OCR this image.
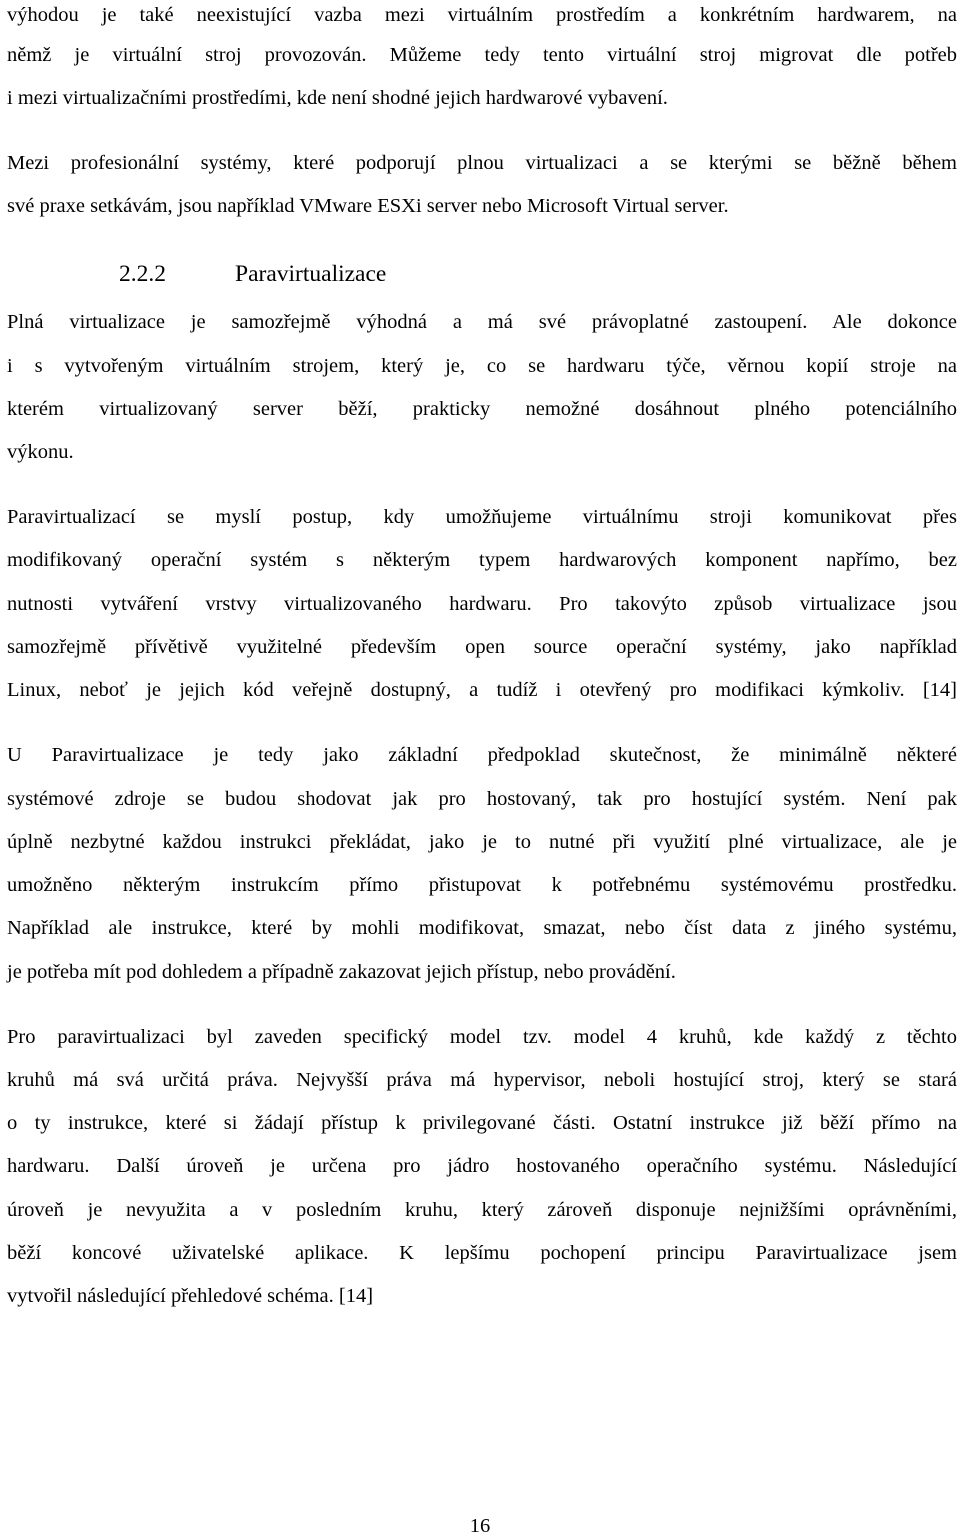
výhodou je také neexistující vazba mezi virtuálním prostředím a konkrétním hardwarem, na
němž je virtuální stroj provozován. Můžeme tedy tento virtuální stroj migrovat dle potřeb
i mezi virtualizačními prostředími, kde není shodné jejich hardwarové vybavení.
Mezi profesionální systémy, které podporují plnou virtualizaci a se kterými se běžně během
své praxe setkávám, jsou například VMware ESXi server nebo Microsoft Virtual server.
2.2.2	Paravirtualizace
Plná virtualizace je samozřejmě výhodná a má své právoplatné zastoupení. Ale dokonce
i s vytvořeným virtuálním strojem, který je, co se hardwaru týče, věrnou kopií stroje na
kterém virtualizovaný server běží, prakticky nemožné dosáhnout plného potenciálního
výkonu.
Paravirtualizací se myslí postup, kdy umožňujeme virtuálnímu stroji komunikovat přes
modifikovaný operační systém s některým typem hardwarových komponent napřímo, bez
nutnosti vytváření vrstvy virtualizovaného hardwaru. Pro takovýto způsob virtualizace jsou
samozřejmě přívětivě využitelné především open source operační systémy, jako například
Linux, neboť je jejich kód veřejně dostupný, a tudíž i otevřený pro modifikaci kýmkoliv. [14]
U Paravirtualizace je tedy jako základní předpoklad skutečnost, že minimálně některé
systémové zdroje se budou shodovat jak pro hostovaný, tak pro hostující systém. Není pak
úplně nezbytné každou instrukci překládat, jako je to nutné při využití plné virtualizace, ale je
umožněno některým instrukcím přímo přistupovat k potřebnému systémovému prostředku.
Například ale instrukce, které by mohli modifikovat, smazat, nebo číst data z jiného systému,
je potřeba mít pod dohledem a případně zakazovat jejich přístup, nebo provádění.
Pro paravirtualizaci byl zaveden specifický model tzv. model 4 kruhů, kde každý z těchto
kruhů má svá určitá práva. Nejvyšší práva má hypervisor, neboli hostující stroj, který se stará
o ty instrukce, které si žádají přístup k privilegované části. Ostatní instrukce již běží přímo na
hardwaru. Další úroveň je určena pro jádro hostovaného operačního systému. Následující
úroveň je nevyužita a v posledním kruhu, který zároveň disponuje nejnižšími oprávněními,
běží koncové uživatelské aplikace. K lepšímu pochopení principu Paravirtualizace jsem
vytvořil následující přehledové schéma. [14]
16
